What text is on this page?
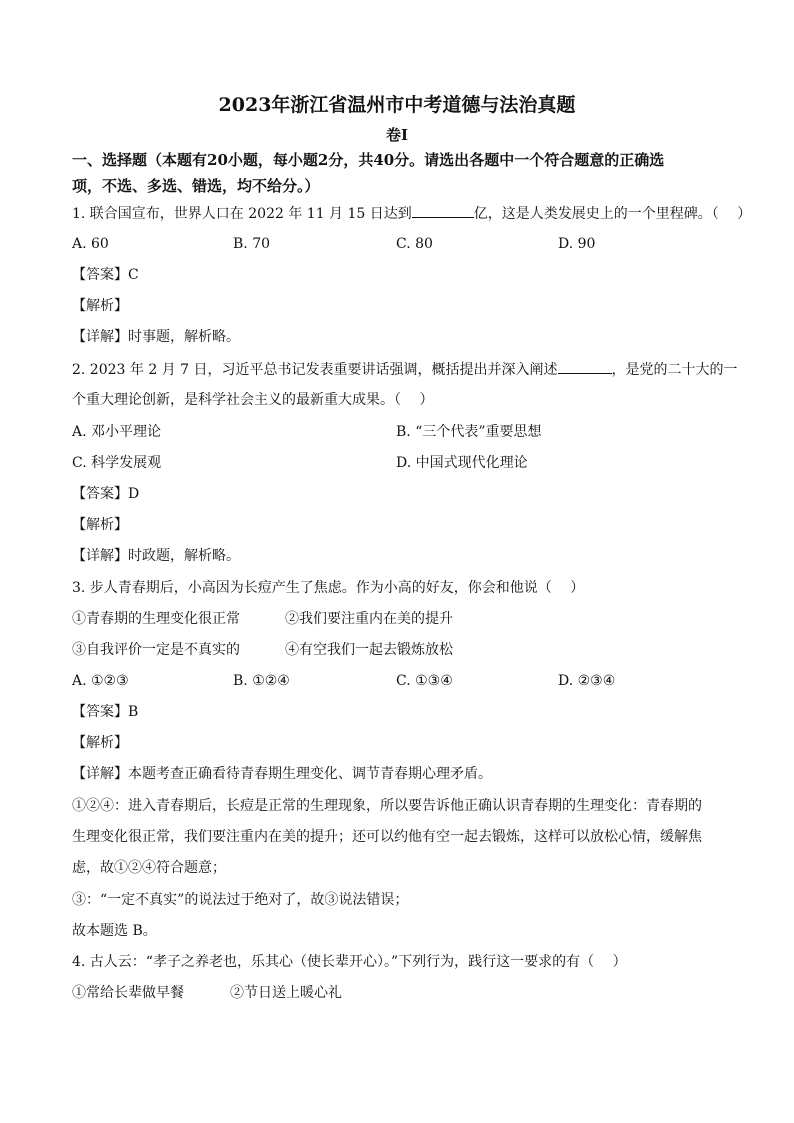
2023年浙江省温州市中考道德与法治真题
卷Ⅰ
一、选择题（本题有20小题，每小题2分，共40分。请选出各题中一个符合题意的正确选
项，不选、多选、错选，均不给分。）
1. 联合国宣布，世界人口在 2022 年 11 月 15 日达到	亿，这是人类发展史上的一个里程碑。（　 ）
A. 60	B. 70	C. 80	D. 90
【答案】C
【解析】
【详解】时事题，解析略。
2. 2023 年 2 月 7 日，习近平总书记发表重要讲话强调，概括提出并深入阐述	，是党的二十大的一
个重大理论创新，是科学社会主义的最新重大成果。（　 ）
A. 邓小平理论	B. “三个代表”重要思想
C. 科学发展观	D. 中国式现代化理论
【答案】D
【解析】
【详解】时政题，解析略。
3. 步人青春期后，小高因为长痘产生了焦虑。作为小高的好友，你会和他说（　 ）
①青春期的生理变化很正常	②我们要注重内在美的提升
③自我评价一定是不真实的	④有空我们一起去锻炼放松
A. ①②③	B. ①②④	C. ①③④	D. ②③④
【答案】B
【解析】
【详解】本题考查正确看待青春期生理变化、调节青春期心理矛盾。
①②④：进入青春期后，长痘是正常的生理现象，所以要告诉他正确认识青春期的生理变化：青春期的
生理变化很正常，我们要注重内在美的提升；还可以约他有空一起去锻炼，这样可以放松心情，缓解焦
虑，故①②④符合题意；
③：“一定不真实”的说法过于绝对了，故③说法错误；
故本题选 B。
4. 古人云：“孝子之养老也，乐其心（使长辈开心）。”下列行为，践行这一要求的有（　 ）
①常给长辈做早餐	②节日送上暖心礼
